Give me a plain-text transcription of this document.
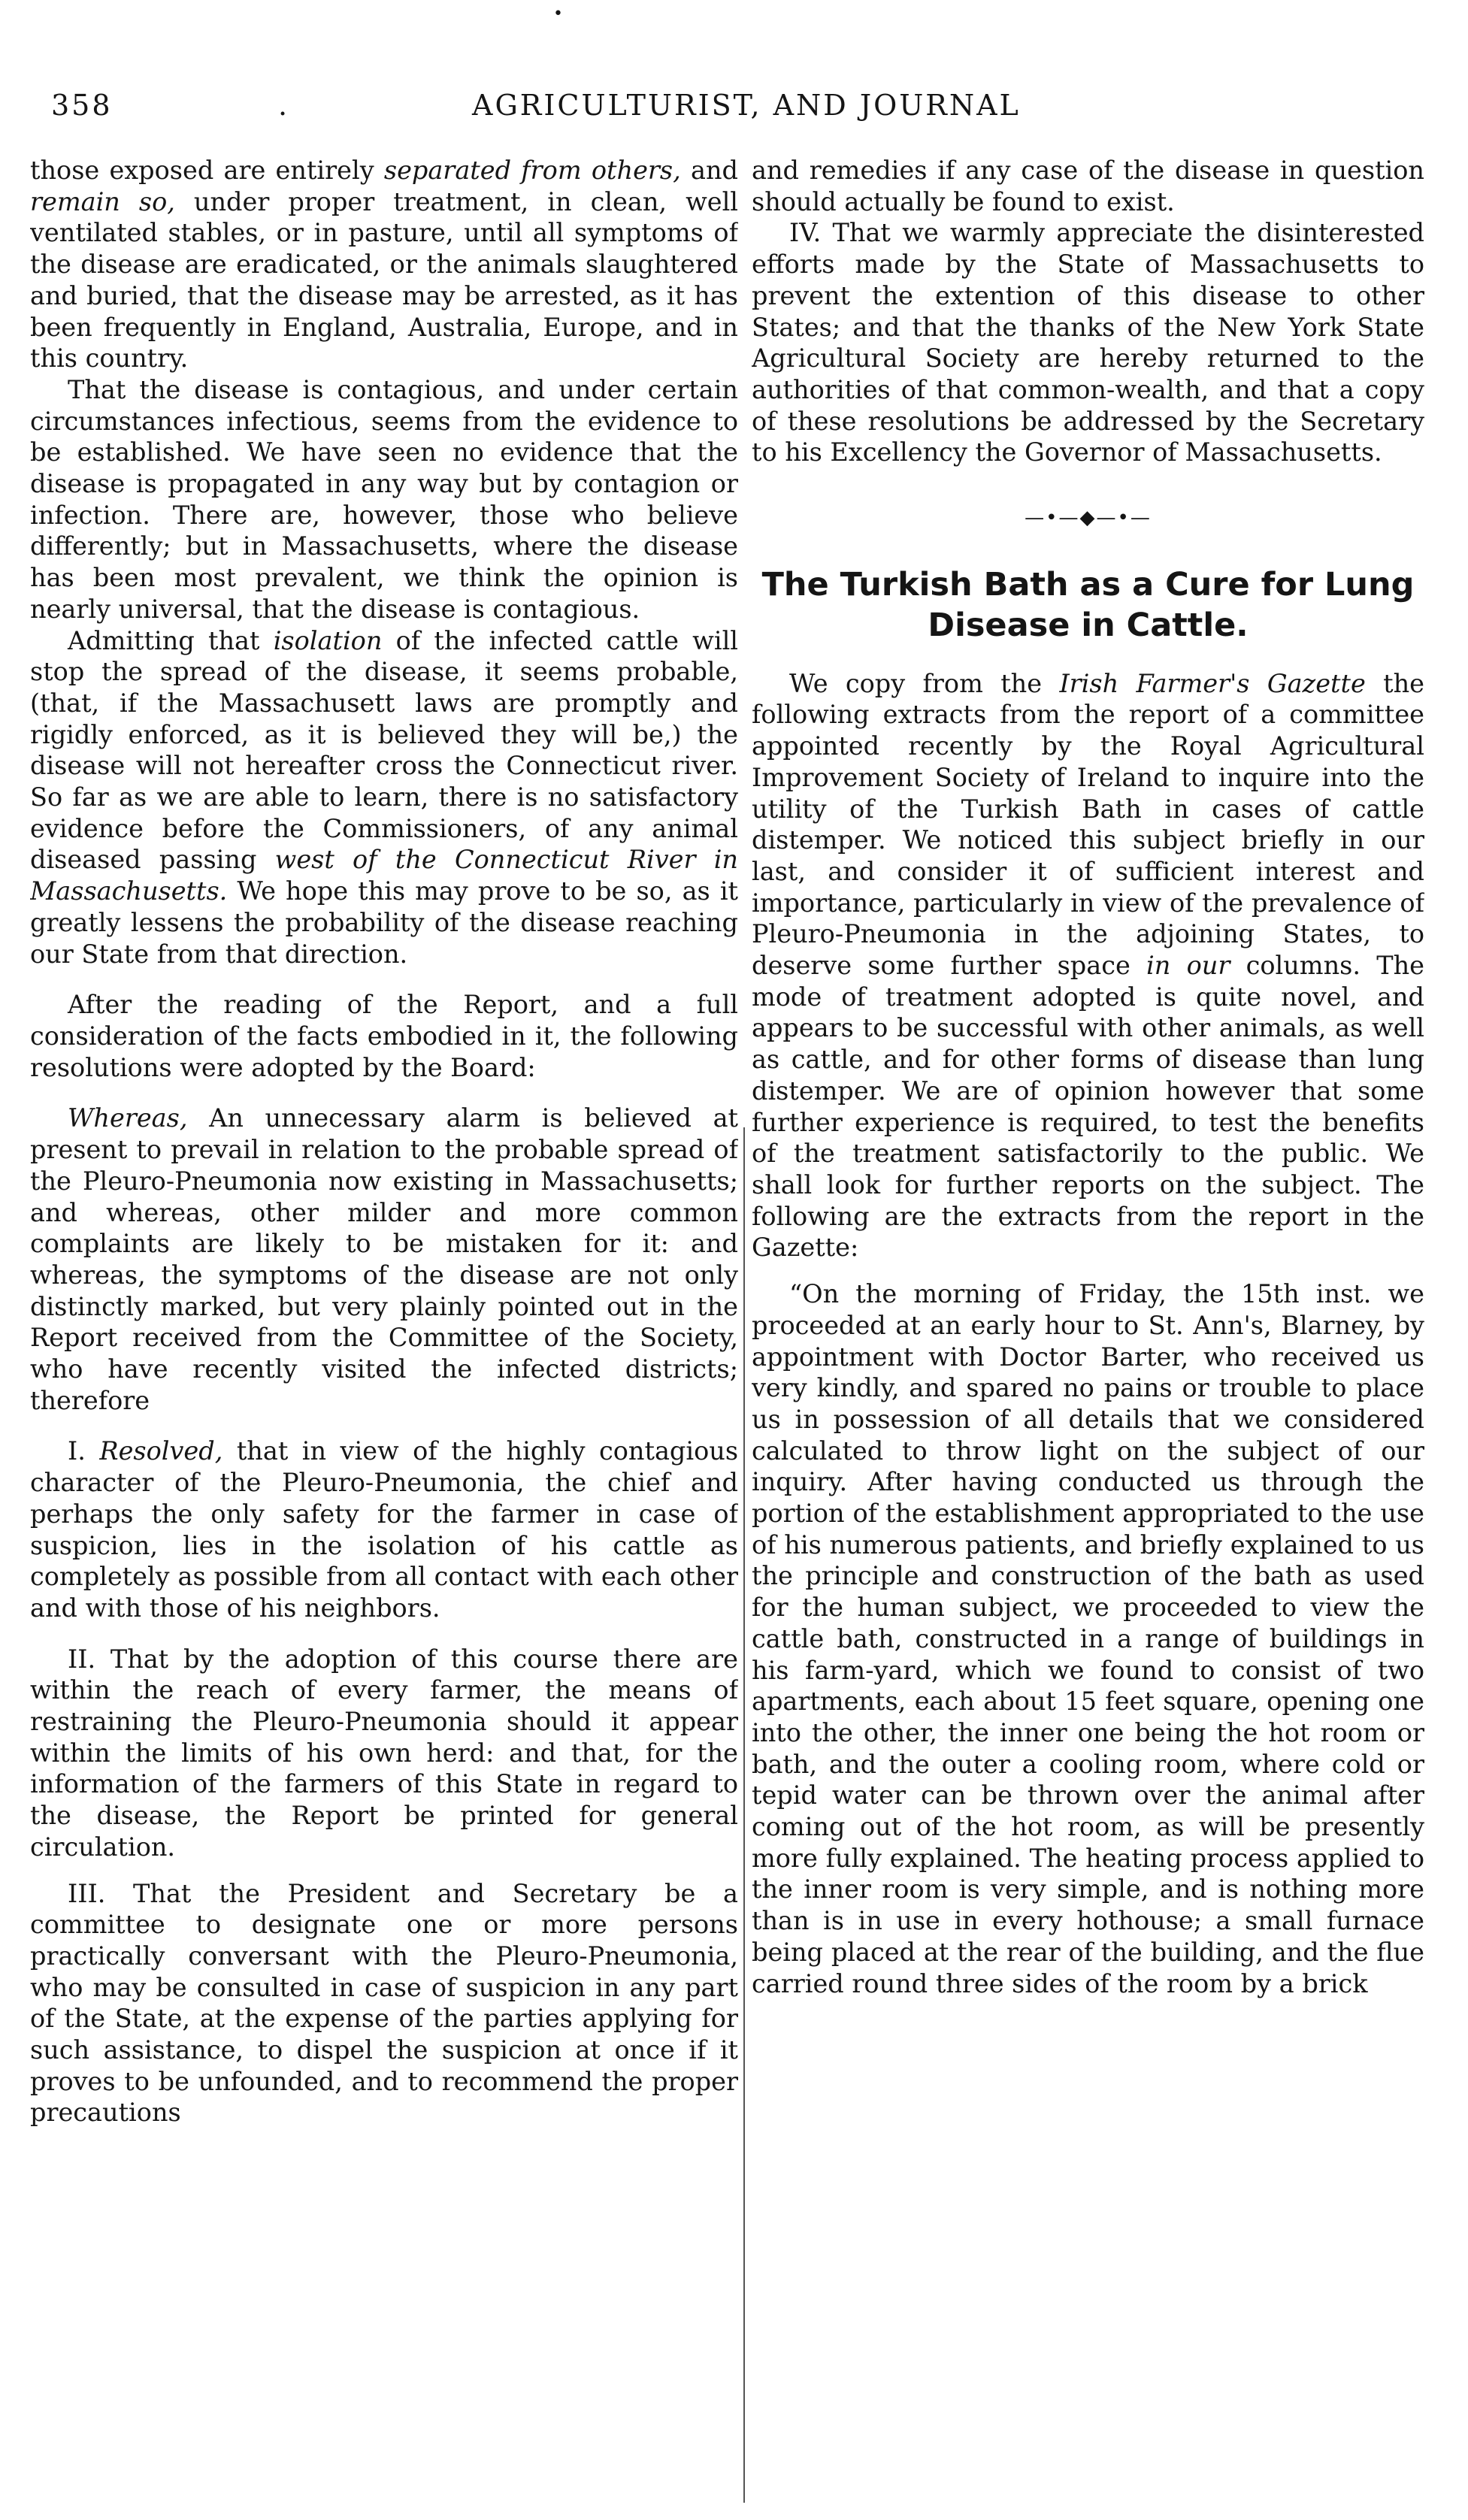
•
358	.	AGRICULTURIST, AND JOURNAL

those exposed are entirely separated from others, and remain so, under proper treatment, in clean, well ventilated stables, or in pasture, until all symptoms of the disease are eradicated, or the animals slaughtered and buried, that the disease may be arrested, as it has been frequently in England, Australia, Europe, and in this country.

That the disease is contagious, and under certain circumstances infectious, seems from the evidence to be established. We have seen no evidence that the disease is propagated in any way but by contagion or infection. There are, however, those who believe differently; but in Massachusetts, where the disease has been most prevalent, we think the opinion is nearly universal, that the disease is contagious.

Admitting that isolation of the infected cattle will stop the spread of the disease, it seems probable, (that, if the Massachusett laws are promptly and rigidly enforced, as it is believed they will be,) the disease will not hereafter cross the Connecticut river. So far as we are able to learn, there is no satisfactory evidence before the Commissioners, of any animal diseased passing west of the Connecticut River in Massachusetts. We hope this may prove to be so, as it greatly lessens the probability of the disease reaching our State from that direction.

After the reading of the Report, and a full consideration of the facts embodied in it, the following resolutions were adopted by the Board:

Whereas, An unnecessary alarm is believed at present to prevail in relation to the probable spread of the Pleuro-Pneumonia now existing in Massachusetts; and whereas, other milder and more common complaints are likely to be mistaken for it: and whereas, the symptoms of the disease are not only distinctly marked, but very plainly pointed out in the Report received from the Committee of the Society, who have recently visited the infected districts; therefore

I. Resolved, that in view of the highly contagious character of the Pleuro-Pneumonia, the chief and perhaps the only safety for the farmer in case of suspicion, lies in the isolation of his cattle as completely as possible from all contact with each other and with those of his neighbors.

II. That by the adoption of this course there are within the reach of every farmer, the means of restraining the Pleuro-Pneumonia should it appear within the limits of his own herd: and that, for the information of the farmers of this State in regard to the disease, the Report be printed for general circulation.

III. That the President and Secretary be a committee to designate one or more persons practically conversant with the Pleuro-Pneumonia, who may be consulted in case of suspicion in any part of the State, at the expense of the parties applying for such assistance, to dispel the suspicion at once if it proves to be unfounded, and to recommend the proper precautions

and remedies if any case of the disease in question should actually be found to exist.

IV. That we warmly appreciate the disinterested efforts made by the State of Massachusetts to prevent the extention of this disease to other States; and that the thanks of the New York State Agricultural Society are hereby returned to the authorities of that common-wealth, and that a copy of these resolutions be addressed by the Secretary to his Excellency the Governor of Massachusetts.

—•—◆—•—
The Turkish Bath as a Cure for Lung Disease in Cattle.

We copy from the Irish Farmer's Gazette the following extracts from the report of a committee appointed recently by the Royal Agricultural Improvement Society of Ireland to inquire into the utility of the Turkish Bath in cases of cattle distemper. We noticed this subject briefly in our last, and consider it of sufficient interest and importance, particularly in view of the prevalence of Pleuro-Pneumonia in the adjoining States, to deserve some further space in our columns. The mode of treatment adopted is quite novel, and appears to be successful with other animals, as well as cattle, and for other forms of disease than lung distemper. We are of opinion however that some further experience is required, to test the benefits of the treatment satisfactorily to the public. We shall look for further reports on the subject. The following are the extracts from the report in the Gazette:

“On the morning of Friday, the 15th inst. we proceeded at an early hour to St. Ann's, Blarney, by appointment with Doctor Barter, who received us very kindly, and spared no pains or trouble to place us in possession of all details that we considered calculated to throw light on the subject of our inquiry. After having conducted us through the portion of the establishment appropriated to the use of his numerous patients, and briefly explained to us the principle and construction of the bath as used for the human subject, we proceeded to view the cattle bath, constructed in a range of buildings in his farm-yard, which we found to consist of two apartments, each about 15 feet square, opening one into the other, the inner one being the hot room or bath, and the outer a cooling room, where cold or tepid water can be thrown over the animal after coming out of the hot room, as will be presently more fully explained. The heating process applied to the inner room is very simple, and is nothing more than is in use in every hothouse; a small furnace being placed at the rear of the building, and the flue carried round three sides of the room by a brick
